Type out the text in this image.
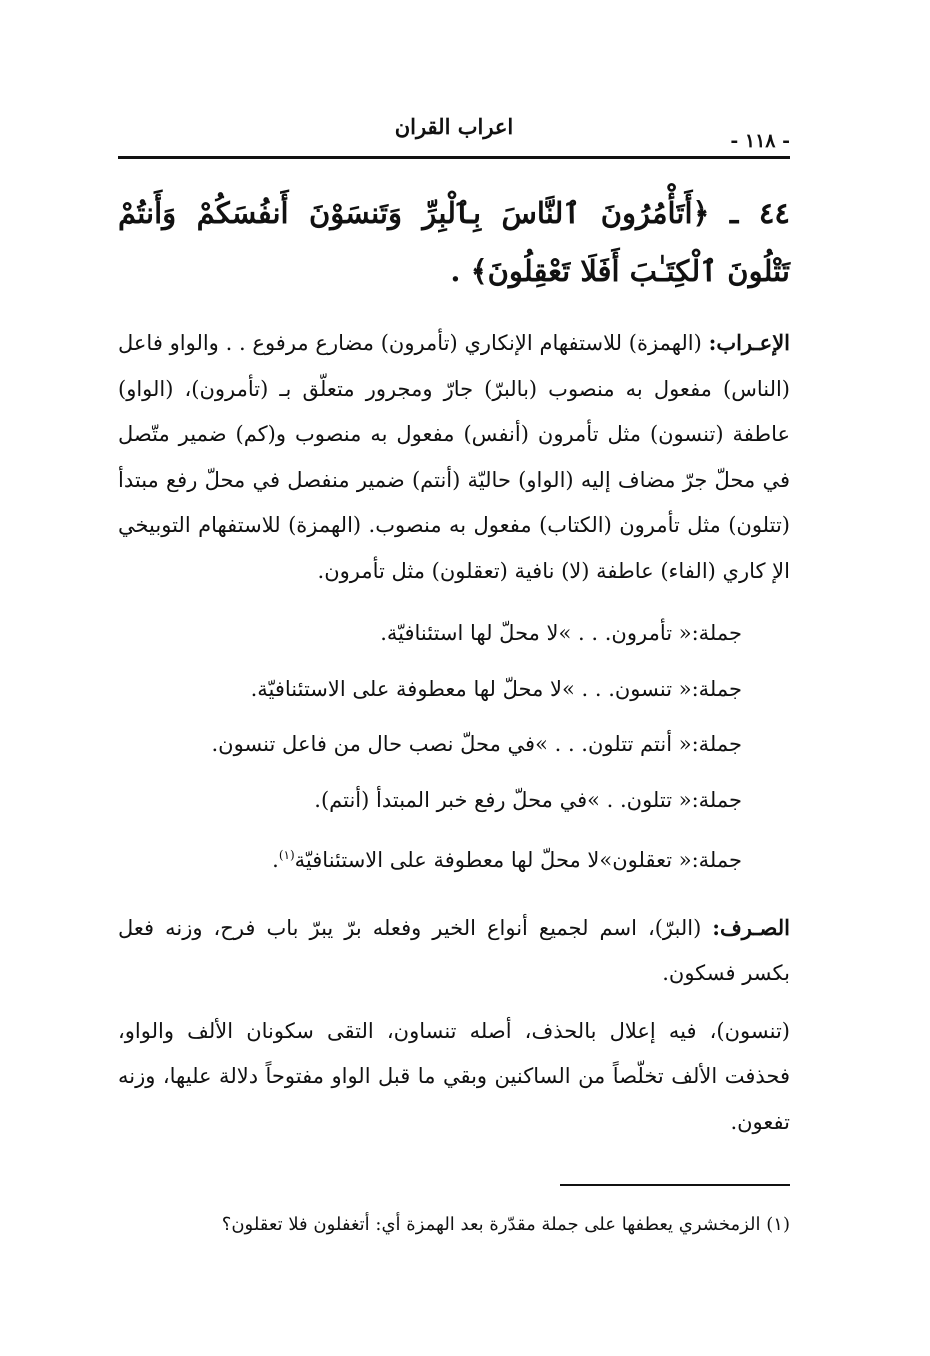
اعراب القران
- ١١٨ -

٤٤ ـ ﴿أَتَأْمُرُونَ ٱلنَّاسَ بِٱلْبِرِّ وَتَنسَوْنَ أَنفُسَكُمْ وَأَنتُمْ تَتْلُونَ ٱلْكِتَـٰبَ أَفَلَا تَعْقِلُونَ﴾ .

الإعـراب: (الهمزة) للاستفهام الإنكاري (تأمرون) مضارع مرفوع . . والواو فاعل (الناس) مفعول به منصوب (بالبرّ) جارّ ومجرور متعلّق بـ (تأمرون)، (الواو) عاطفة (تنسون) مثل تأمرون (أنفس) مفعول به منصوب و(كم) ضمير متّصل في محلّ جرّ مضاف إليه (الواو) حاليّة (أنتم) ضمير منفصل في محلّ رفع مبتدأ (تتلون) مثل تأمرون (الكتاب) مفعول به منصوب. (الهمزة) للاستفهام التوبيخي الإ كاري (الفاء) عاطفة (لا) نافية (تعقلون) مثل تأمرون.

جملة:« تأمرون. . . »لا محلّ لها استئنافيّة.
جملة:« تنسون. . . »لا محلّ لها معطوفة على الاستئنافيّة.
جملة:« أنتم تتلون. . . »في محلّ نصب حال من فاعل تنسون.
جملة:« تتلون. . »في محلّ رفع خبر المبتدأ (أنتم).
جملة:« تعقلون»لا محلّ لها معطوفة على الاستئنافيّة$^{(١)}$.

الصـرف: (البرّ)، اسم لجميع أنواع الخير وفعله برّ يبرّ باب فرح، وزنه فعل بكسر فسكون.

(تنسون)، فيه إعلال بالحذف، أصله تنساون، التقى سكونان الألف والواو، فحذفت الألف تخلّصاً من الساكنين وبقي ما قبل الواو مفتوحاً دلالة عليها، وزنه تفعون.

(١) الزمخشري يعطفها على جملة مقدّرة بعد الهمزة أي: أتغفلون فلا تعقلون؟
